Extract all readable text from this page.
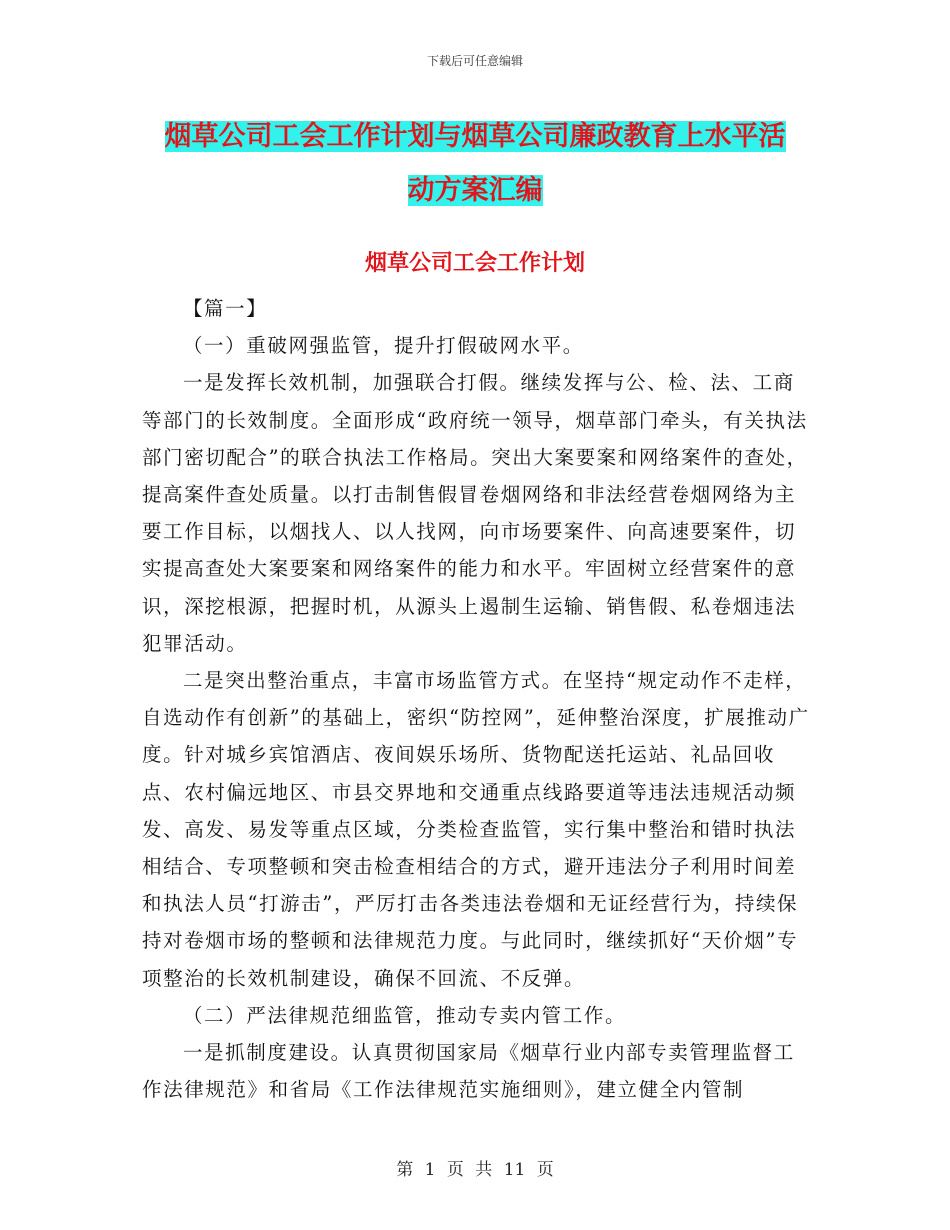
下载后可任意编辑
烟草公司工会工作计划与烟草公司廉政教育上水平活
动方案汇编
烟草公司工会工作计划

【篇一】

（一）重破网强监管，提升打假破网水平。

一是发挥长效机制，加强联合打假。继续发挥与公、检、法、工商等部门的长效制度。全面形成“政府统一领导，烟草部门牵头，有关执法部门密切配合”的联合执法工作格局。突出大案要案和网络案件的查处，提高案件查处质量。以打击制售假冒卷烟网络和非法经营卷烟网络为主要工作目标，以烟找人、以人找网，向市场要案件、向高速要案件，切实提高查处大案要案和网络案件的能力和水平。牢固树立经营案件的意识，深挖根源，把握时机，从源头上遏制生运输、销售假、私卷烟违法犯罪活动。

二是突出整治重点，丰富市场监管方式。在坚持“规定动作不走样，自选动作有创新”的基础上，密织“防控网”，延伸整治深度，扩展推动广度。针对城乡宾馆酒店、夜间娱乐场所、货物配送托运站、礼品回收点、农村偏远地区、市县交界地和交通重点线路要道等违法违规活动频发、高发、易发等重点区域，分类检查监管，实行集中整治和错时执法相结合、专项整顿和突击检查相结合的方式，避开违法分子利用时间差和执法人员“打游击”，严厉打击各类违法卷烟和无证经营行为，持续保持对卷烟市场的整顿和法律规范力度。与此同时，继续抓好“天价烟”专项整治的长效机制建设，确保不回流、不反弹。

（二）严法律规范细监管，推动专卖内管工作。

一是抓制度建设。认真贯彻国家局《烟草行业内部专卖管理监督工作法律规范》和省局《工作法律规范实施细则》，建立健全内管制

第 1 页 共 11 页
